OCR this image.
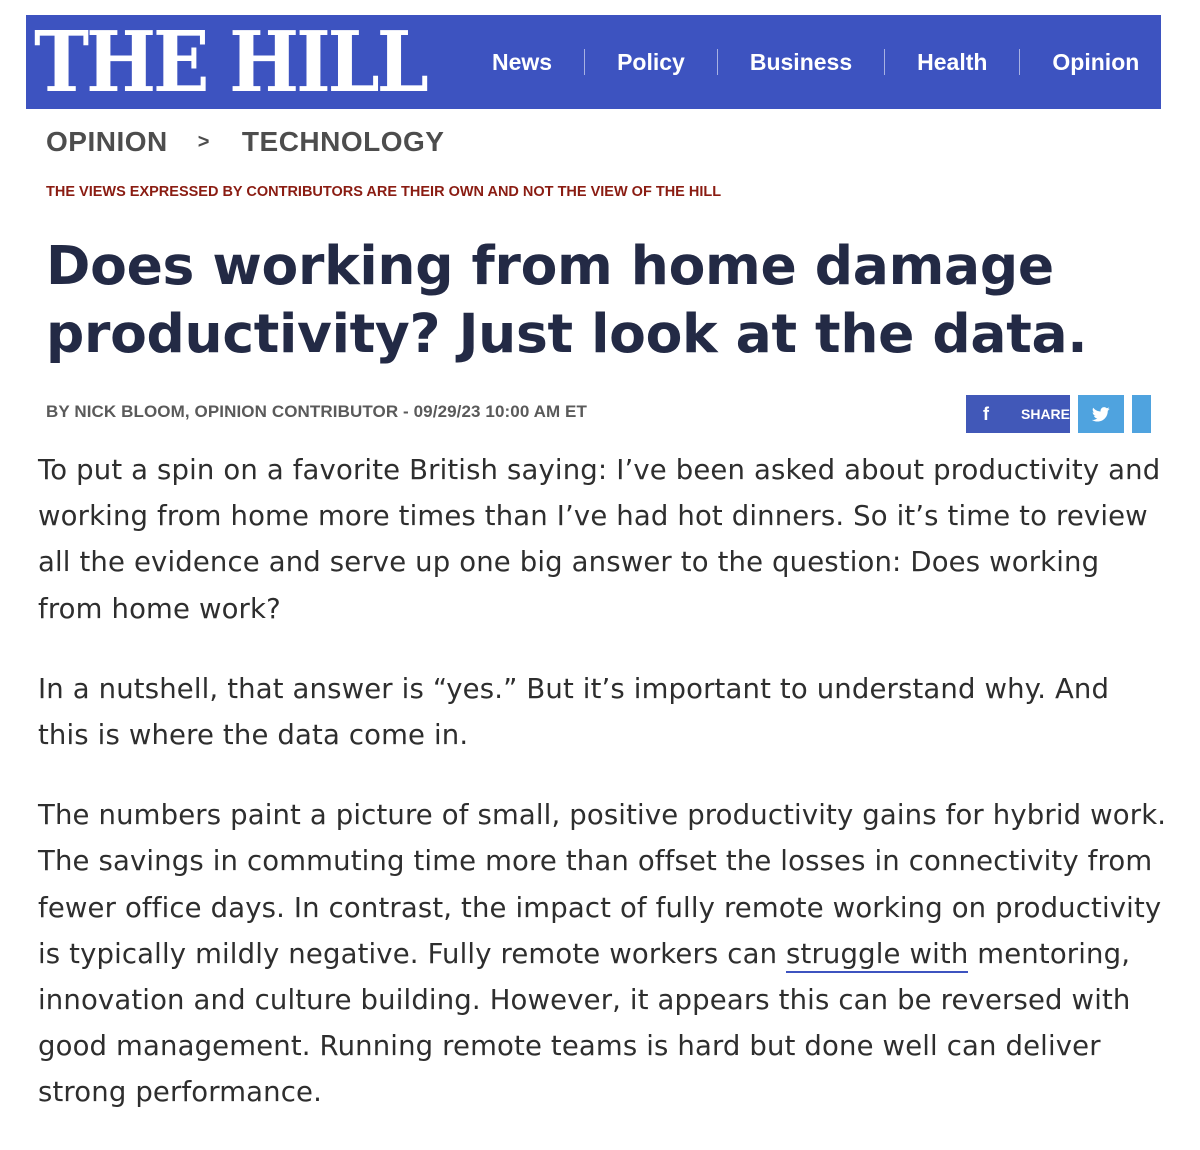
THE HILL	News	Policy	Business	Health	Opinion
OPINION > TECHNOLOGY
THE VIEWS EXPRESSED BY CONTRIBUTORS ARE THEIR OWN AND NOT THE VIEW OF THE HILL
Does working from home damage productivity? Just look at the data.
BY NICK BLOOM, OPINION CONTRIBUTOR - 09/29/23 10:00 AM ET	f	SHARE

To put a spin on a favorite British saying: I’ve been asked about productivity and working from home more times than I’ve had hot dinners. So it’s time to review all the evidence and serve up one big answer to the question: Does working from home work?

In a nutshell, that answer is “yes.” But it’s important to understand why. And this is where the data come in.

The numbers paint a picture of small, positive productivity gains for hybrid work. The savings in commuting time more than offset the losses in connectivity from fewer office days. In contrast, the impact of fully remote working on productivity is typically mildly negative. Fully remote workers can struggle with mentoring, innovation and culture building. However, it appears this can be reversed with good management. Running remote teams is hard but done well can deliver strong performance.
